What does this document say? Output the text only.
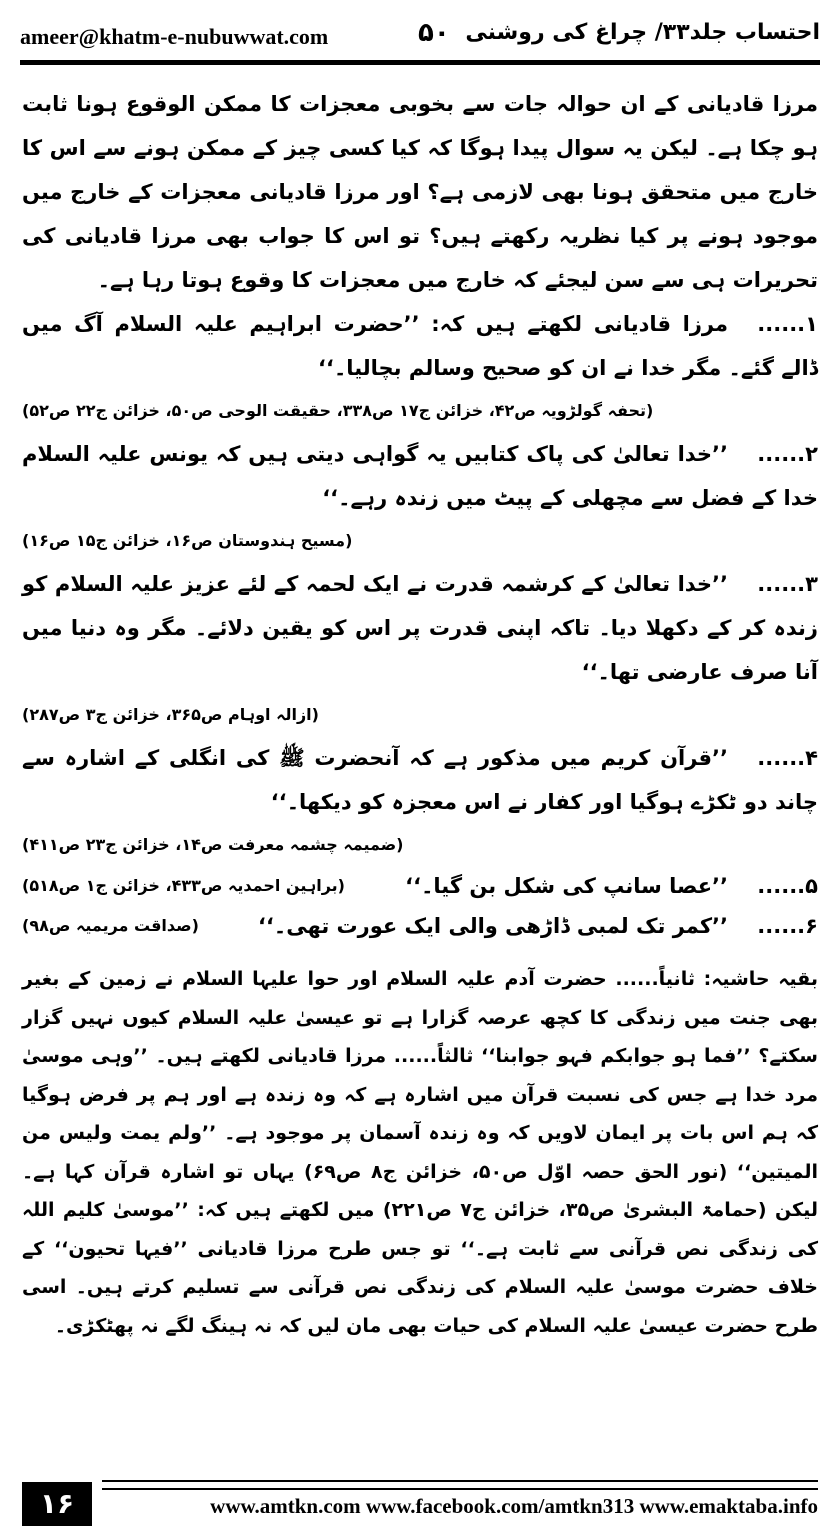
ameer@khatm-e-nubuwwat.com	۵۰ احتساب جلد۳۳/ چراغ کی روشنی

مرزا قادیانی کے ان حوالہ جات سے بخوبی معجزات کا ممکن الوقوع ہونا ثابت ہو چکا ہے۔ لیکن یہ سوال پیدا ہوگا کہ کیا کسی چیز کے ممکن ہونے سے اس کا خارج میں متحقق ہونا بھی لازمی ہے؟ اور مرزا قادیانی معجزات کے خارج میں موجود ہونے پر کیا نظریہ رکھتے ہیں؟ تو اس کا جواب بھی مرزا قادیانی کی تحریرات ہی سے سن لیجئے کہ خارج میں معجزات کا وقوع ہوتا رہا ہے۔

۱......مرزا قادیانی لکھتے ہیں کہ: ’’حضرت ابراہیم علیہ السلام آگ میں ڈالے گئے۔ مگر خدا نے ان کو صحیح وسالم بچالیا۔‘‘

(تحفہ گولڑویہ ص۴۲، خزائن ج۱۷ ص۳۳۸، حقیقت الوحی ص۵۰، خزائن ج۲۲ ص۵۲)

۲......’’خدا تعالیٰ کی پاک کتابیں یہ گواہی دیتی ہیں کہ یونس علیہ السلام خدا کے فضل سے مچھلی کے پیٹ میں زندہ رہے۔‘‘

(مسیح ہندوستان ص۱۶، خزائن ج۱۵ ص۱۶)

۳......’’خدا تعالیٰ کے کرشمہ قدرت نے ایک لحمہ کے لئے عزیز علیہ السلام کو زندہ کر کے دکھلا دیا۔ تاکہ اپنی قدرت پر اس کو یقین دلائے۔ مگر وہ دنیا میں آنا صرف عارضی تھا۔‘‘

(ازالہ اوہام ص۳۶۵، خزائن ج۳ ص۲۸۷)

۴......’’قرآن کریم میں مذکور ہے کہ آنحضرت ﷺ کی انگلی کے اشارہ سے چاند دو ٹکڑے ہوگیا اور کفار نے اس معجزہ کو دیکھا۔‘‘

(ضمیمہ چشمہ معرفت ص۱۴، خزائن ج۲۳ ص۴۱۱)
۵......’’عصا سانپ کی شکل بن گیا۔‘‘
(براہین احمدیہ ص۴۳۳، خزائن ج۱ ص۵۱۸)
۶......’’کمر تک لمبی ڈاڑھی والی ایک عورت تھی۔‘‘
(صداقت مریمیہ ص۹۸)

بقیہ حاشیہ: ثانیاً...... حضرت آدم علیہ السلام اور حوا علیہا السلام نے زمین کے بغیر بھی جنت میں زندگی کا کچھ عرصہ گزارا ہے تو عیسیٰ علیہ السلام کیوں نہیں گزار سکتے؟ ’’فما ہو جوابکم فہو جوابنا‘‘ ثالثاً...... مرزا قادیانی لکھتے ہیں۔ ’’وہی موسیٰ مرد خدا ہے جس کی نسبت قرآن میں اشارہ ہے کہ وہ زندہ ہے اور ہم پر فرض ہوگیا کہ ہم اس بات پر ایمان لاویں کہ وہ زندہ آسمان پر موجود ہے۔ ’’ولم یمت ولیس من المیتین‘‘ (نور الحق حصہ اوّل ص۵۰، خزائن ج۸ ص۶۹) یہاں تو اشارہ قرآن کہا ہے۔ لیکن (حمامۃ البشریٰ ص۳۵، خزائن ج۷ ص۲۲۱) میں لکھتے ہیں کہ: ’’موسیٰ کلیم اللہ کی زندگی نص قرآنی سے ثابت ہے۔‘‘ تو جس طرح مرزا قادیانی ’’فیہا تحیون‘‘ کے خلاف حضرت موسیٰ علیہ السلام کی زندگی نص قرآنی سے تسلیم کرتے ہیں۔ اسی طرح حضرت عیسیٰ علیہ السلام کی حیات بھی مان لیں کہ نہ ہینگ لگے نہ پھٹکڑی۔

۱۶	www.amtkn.com www.facebook.com/amtkn313 www.emaktaba.info
